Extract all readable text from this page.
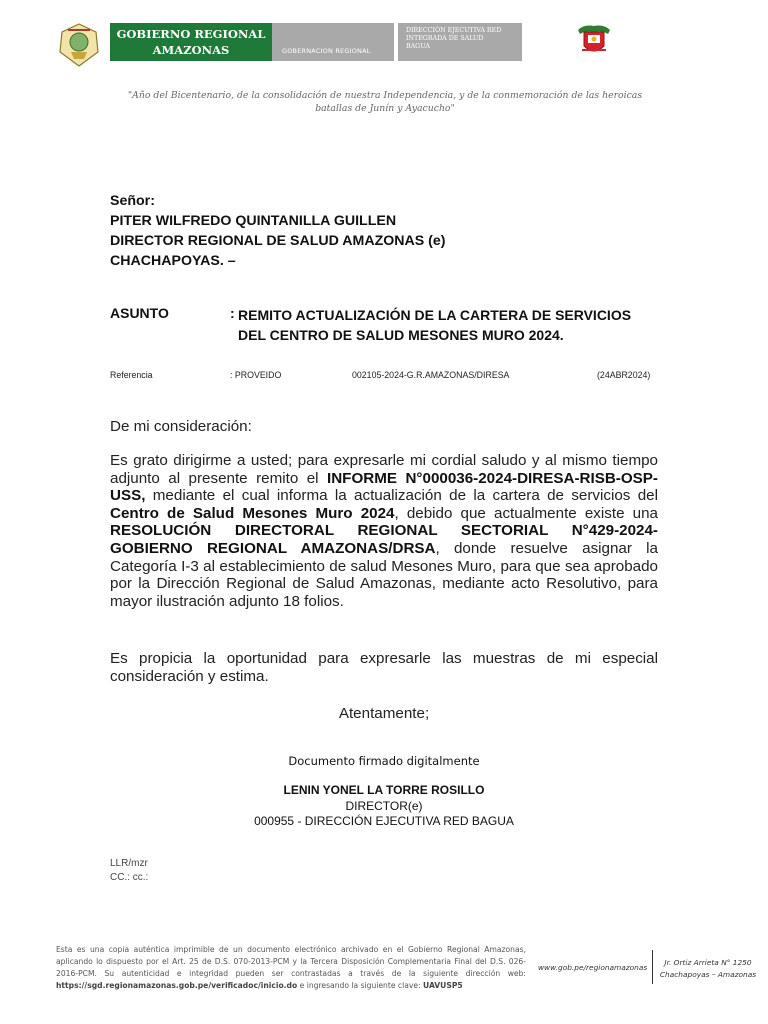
GOBIERNO REGIONAL
AMAZONAS	GOBERNACION REGIONAL
DIRECCIÓN EJECUTIVA RED
INTEGRADA DE SALUD
BAGUA
"Año del Bicentenario, de la consolidación de nuestra Independencia, y de la conmemoración de las heroicas
batallas de Junín y Ayacucho"
Señor:
PITER WILFREDO QUINTANILLA GUILLEN
DIRECTOR REGIONAL DE SALUD AMAZONAS (e)
CHACHAPOYAS. –
ASUNTO	: REMITO ACTUALIZACIÓN DE LA CARTERA DE SERVICIOS
DEL CENTRO DE SALUD MESONES MURO 2024.
Referencia	: PROVEIDO	002105-2024-G.R.AMAZONAS/DIRESA	(24ABR2024)
De mi consideración:
Es grato dirigirme a usted; para expresarle mi cordial saludo y al mismo tiempo adjunto al presente remito el INFORME N°000036-2024-DIRESA-RISB-OSP-USS, mediante el cual informa la actualización de la cartera de servicios del Centro de Salud Mesones Muro 2024, debido que actualmente existe una RESOLUCIÓN DIRECTORAL REGIONAL SECTORIAL N°429-2024-GOBIERNO REGIONAL AMAZONAS/DRSA, donde resuelve asignar la Categoría I-3 al establecimiento de salud Mesones Muro, para que sea aprobado por la Dirección Regional de Salud Amazonas, mediante acto Resolutivo, para mayor ilustración adjunto 18 folios.
Es propicia la oportunidad para expresarle las muestras de mi especial consideración y estima.
Atentamente;
Documento firmado digitalmente
LENIN YONEL LA TORRE ROSILLO
DIRECTOR(e)
000955 - DIRECCIÓN EJECUTIVA RED BAGUA
LLR/mzr
CC.: cc.:
Esta es una copia auténtica imprimible de un documento electrónico archivado en el Gobierno Regional Amazonas, aplicando lo dispuesto por el Art. 25 de D.S. 070-2013-PCM y la Tercera Disposición Complementaria Final del D.S. 026-2016-PCM. Su autenticidad e integridad pueden ser contrastadas a través de la siguiente dirección web: https://sgd.regionamazonas.gob.pe/verificadoc/inicio.do e ingresando la siguiente clave: UAVUSP5
www.gob.pe/regionamazonas
Jr. Ortiz Arrieta N° 1250
Chachapoyas – Amazonas
